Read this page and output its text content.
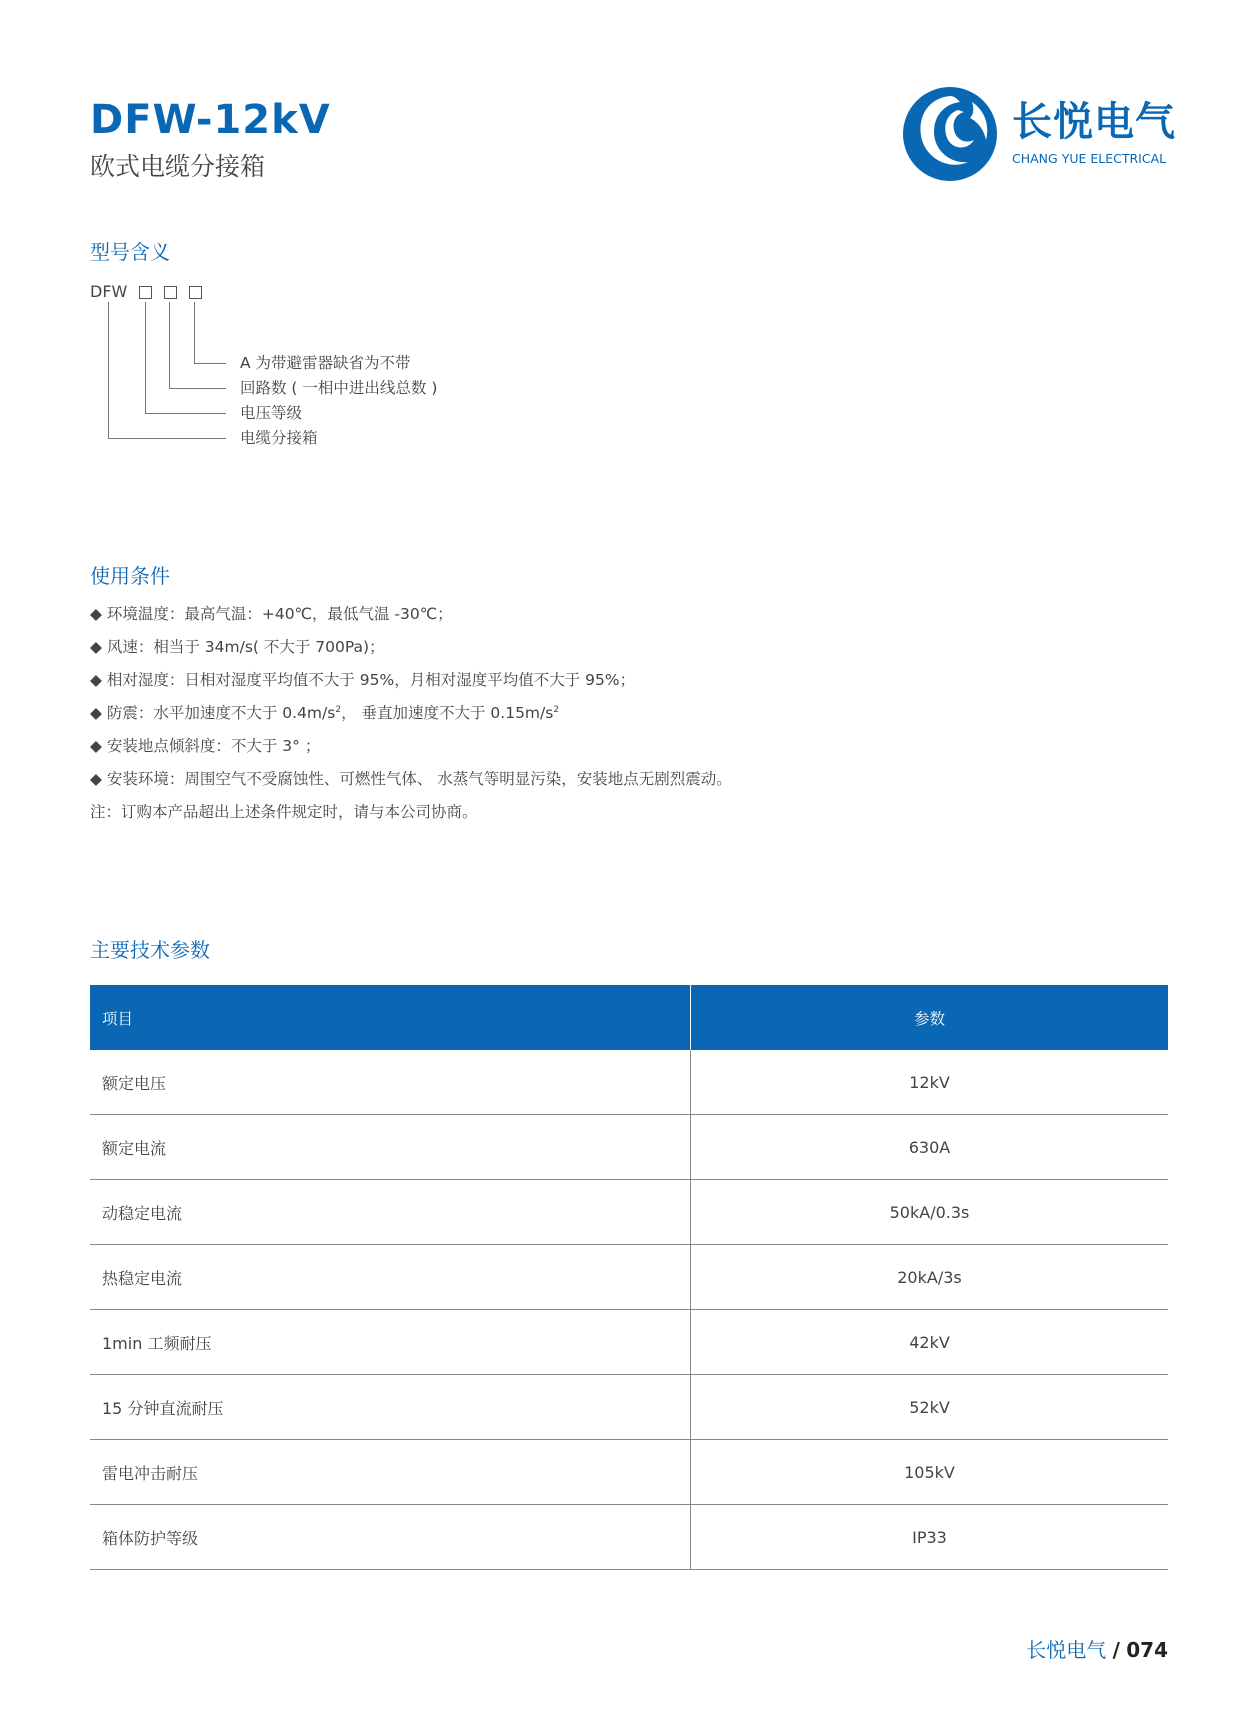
DFW-12kV
欧式电缆分接箱
长悦电气
CHANG YUE ELECTRICAL
型号含义
DFW
A 为带避雷器缺省为不带
回路数 ( 一相中进出线总数 )
电压等级
电缆分接箱
使用条件
◆ 环境温度：最高气温：+40℃，最低气温 -30℃；
◆ 风速：相当于 34m/s( 不大于 700Pa)；
◆ 相对湿度：日相对湿度平均值不大于 95%，月相对湿度平均值不大于 95%；
◆ 防震：水平加速度不大于 $0.4m/s^2$， 垂直加速度不大于 $0.15m/s^2$
◆ 安装地点倾斜度：不大于 3° ；
◆ 安装环境：周围空气不受腐蚀性、可燃性气体、 水蒸气等明显污染，安装地点无剧烈震动。
注：订购本产品超出上述条件规定时，请与本公司协商。
主要技术参数
项目	参数
额定电压	12kV
额定电流	630A
动稳定电流	50kA/0.3s
热稳定电流	20kA/3s
1min 工频耐压	42kV
15 分钟直流耐压	52kV
雷电冲击耐压	105kV
箱体防护等级	IP33
长悦电气 / 074
